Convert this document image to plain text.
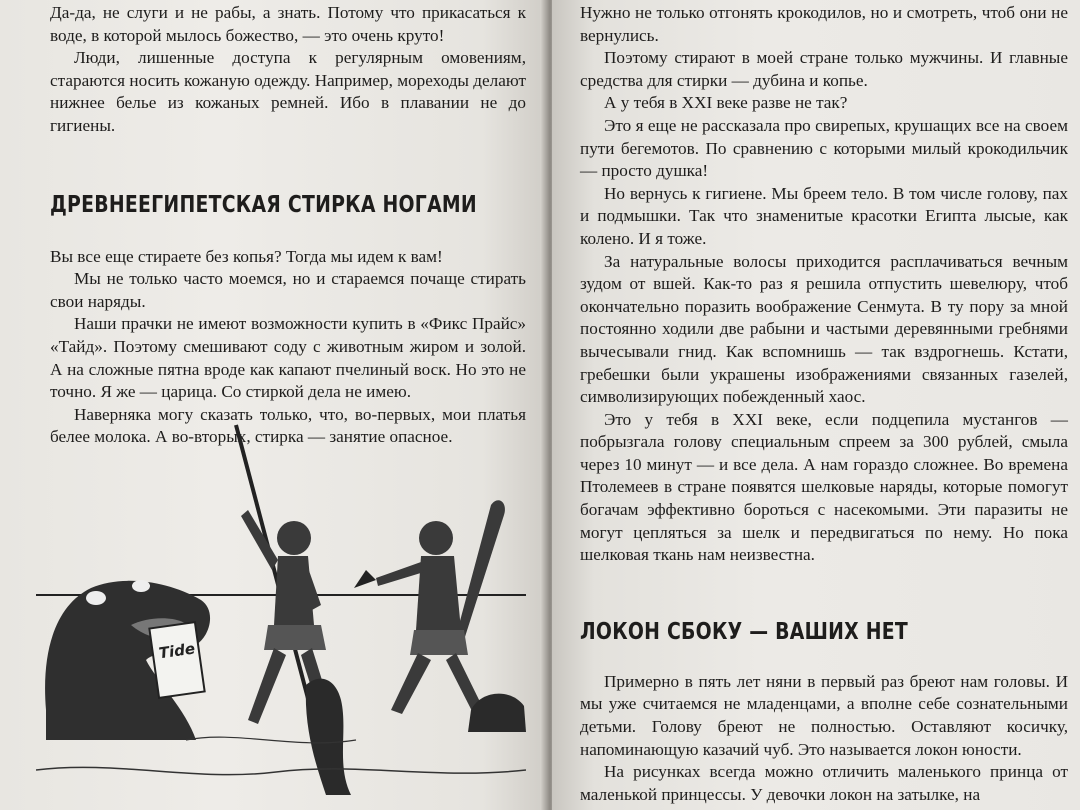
Да-да, не слуги и не рабы, а знать. Потому что прикасаться к воде, в которой мылось божество, — это очень круто!

Люди, лишенные доступа к регулярным омовениям, стараются носить кожаную одежду. Например, мореходы делают нижнее белье из кожаных ремней. Ибо в плавании не до гигиены.

ДРЕВНЕЕГИПЕТСКАЯ СТИРКА НОГАМИ

Вы все еще стираете без копья? Тогда мы идем к вам!

Мы не только часто моемся, но и стараемся почаще стирать свои наряды.

Наши прачки не имеют возможности купить в «Фикс Прайс» «Тайд». Поэтому смешивают соду с животным жиром и золой. А на сложные пятна вроде как капают пчелиный воск. Но это не точно. Я же — царица. Со стиркой дела не имею.

Наверняка могу сказать только, что, во-первых, мои платья белее молока. А во-вторых, стирка — занятие опасное.

Tide

Нужно не только отгонять крокодилов, но и смотреть, чтоб они не вернулись.

Поэтому стирают в моей стране только мужчины. И главные средства для стирки — дубина и копье.

А у тебя в XXI веке разве не так?

Это я еще не рассказала про свирепых, крушащих все на своем пути бегемотов. По сравнению с которыми милый крокодильчик — просто душка!

Но вернусь к гигиене. Мы бреем тело. В том числе голову, пах и подмышки. Так что знаменитые красотки Египта лысые, как колено. И я тоже.

За натуральные волосы приходится расплачиваться вечным зудом от вшей. Как-то раз я решила отпустить шевелюру, чтоб окончательно поразить воображение Сенмута. В ту пору за мной постоянно ходили две рабыни и частыми деревянными гребнями вычесывали гнид. Как вспомнишь — так вздрогнешь. Кстати, гребешки были украшены изображениями связанных газелей, символизирующих побежденный хаос.

Это у тебя в XXI веке, если подцепила мустангов — побрызгала голову специальным спреем за 300 рублей, смыла через 10 минут — и все дела. А нам гораздо сложнее. Во времена Птолемеев в стране появятся шелковые наряды, которые помогут богачам эффективно бороться с насекомыми. Эти паразиты не могут цепляться за шелк и передвигаться по нему. Но пока шелковая ткань нам неизвестна.

ЛОКОН СБОКУ — ВАШИХ НЕТ

Примерно в пять лет няни в первый раз бреют нам головы. И мы уже считаемся не младенцами, а вполне себе сознательными детьми. Голову бреют не полностью. Оставляют косичку, напоминающую казачий чуб. Это называется локон юности.

На рисунках всегда можно отличить маленького принца от маленькой принцессы. У девочки локон на затылке, на
